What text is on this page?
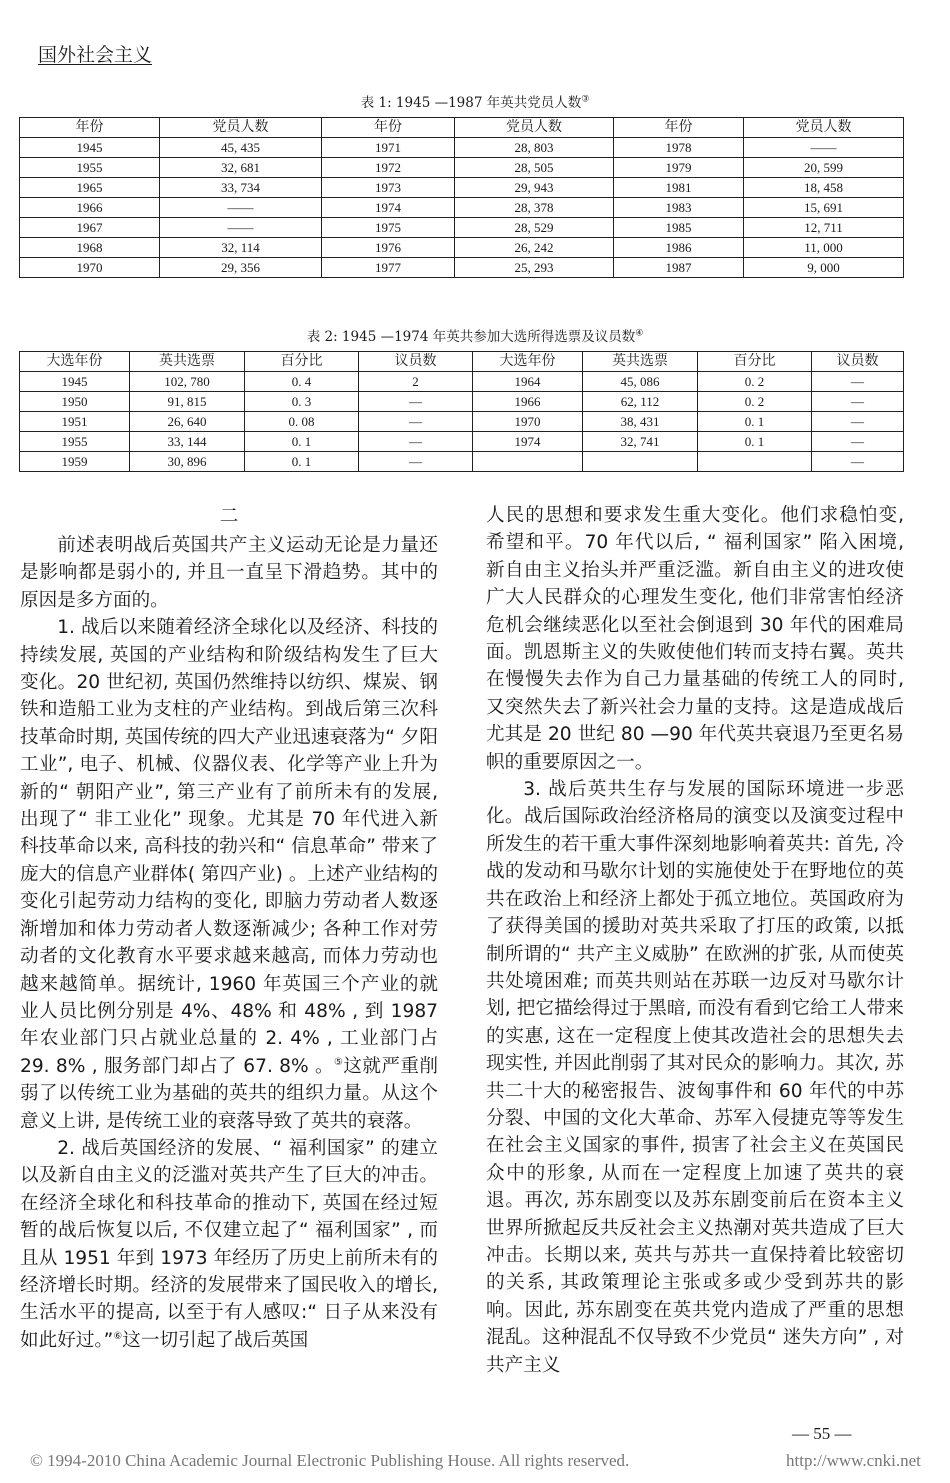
国外社会主义
表 1: 1945 —1987 年英共党员人数③
年份	党员人数	年份	党员人数	年份	党员人数
1945	45, 435	1971	28, 803	1978	——
1955	32, 681	1972	28, 505	1979	20, 599
1965	33, 734	1973	29, 943	1981	18, 458
1966	——	1974	28, 378	1983	15, 691
1967	——	1975	28, 529	1985	12, 711
1968	32, 114	1976	26, 242	1986	11, 000
1970	29, 356	1977	25, 293	1987	9, 000
表 2: 1945 —1974 年英共参加大选所得选票及议员数④
大选年份	英共选票	百分比	议员数	大选年份	英共选票	百分比	议员数
1945	102, 780	0. 4	2	1964	45, 086	0. 2	—
1950	91, 815	0. 3	—	1966	62, 112	0. 2	—
1951	26, 640	0. 08	—	1970	38, 431	0. 1	—
1955	33, 144	0. 1	—	1974	32, 741	0. 1	—
1959	30, 896	0. 1	—				—
二

前述表明战后英国共产主义运动无论是力量还是影响都是弱小的, 并且一直呈下滑趋势。其中的原因是多方面的。

1. 战后以来随着经济全球化以及经济、科技的持续发展, 英国的产业结构和阶级结构发生了巨大变化。20 世纪初, 英国仍然维持以纺织、煤炭、钢铁和造船工业为支柱的产业结构。到战后第三次科技革命时期, 英国传统的四大产业迅速衰落为“ 夕阳工业”, 电子、机械、仪器仪表、化学等产业上升为新的“ 朝阳产业”, 第三产业有了前所未有的发展, 出现了“ 非工业化” 现象。尤其是 70 年代进入新科技革命以来, 高科技的勃兴和“ 信息革命” 带来了庞大的信息产业群体( 第四产业) 。上述产业结构的变化引起劳动力结构的变化, 即脑力劳动者人数逐渐增加和体力劳动者人数逐渐减少; 各种工作对劳动者的文化教育水平要求越来越高, 而体力劳动也越来越简单。据统计, 1960 年英国三个产业的就业人员比例分别是 4%、48% 和 48% , 到 1987 年农业部门只占就业总量的 2. 4% , 工业部门占 29. 8% , 服务部门却占了 67. 8% 。⑤这就严重削弱了以传统工业为基础的英共的组织力量。从这个意义上讲, 是传统工业的衰落导致了英共的衰落。

2. 战后英国经济的发展、“ 福利国家” 的建立以及新自由主义的泛滥对英共产生了巨大的冲击。在经济全球化和科技革命的推动下, 英国在经过短暂的战后恢复以后, 不仅建立起了“ 福利国家” , 而且从 1951 年到 1973 年经历了历史上前所未有的经济增长时期。经济的发展带来了国民收入的增长, 生活水平的提高, 以至于有人感叹:“ 日子从来没有如此好过。”⑥这一切引起了战后英国

人民的思想和要求发生重大变化。他们求稳怕变, 希望和平。70 年代以后, “ 福利国家” 陷入困境, 新自由主义抬头并严重泛滥。新自由主义的进攻使广大人民群众的心理发生变化, 他们非常害怕经济危机会继续恶化以至社会倒退到 30 年代的困难局面。凯恩斯主义的失败使他们转而支持右翼。英共在慢慢失去作为自己力量基础的传统工人的同时, 又突然失去了新兴社会力量的支持。这是造成战后尤其是 20 世纪 80 —90 年代英共衰退乃至更名易帜的重要原因之一。

3. 战后英共生存与发展的国际环境进一步恶化。战后国际政治经济格局的演变以及演变过程中所发生的若干重大事件深刻地影响着英共: 首先, 冷战的发动和马歇尔计划的实施使处于在野地位的英共在政治上和经济上都处于孤立地位。英国政府为了获得美国的援助对英共采取了打压的政策, 以抵制所谓的“ 共产主义威胁” 在欧洲的扩张, 从而使英共处境困难; 而英共则站在苏联一边反对马歇尔计划, 把它描绘得过于黑暗, 而没有看到它给工人带来的实惠, 这在一定程度上使其改造社会的思想失去现实性, 并因此削弱了其对民众的影响力。其次, 苏共二十大的秘密报告、波匈事件和 60 年代的中苏分裂、中国的文化大革命、苏军入侵捷克等等发生在社会主义国家的事件, 损害了社会主义在英国民众中的形象, 从而在一定程度上加速了英共的衰退。再次, 苏东剧变以及苏东剧变前后在资本主义世界所掀起反共反社会主义热潮对英共造成了巨大冲击。长期以来, 英共与苏共一直保持着比较密切的关系, 其政策理论主张或多或少受到苏共的影响。因此, 苏东剧变在英共党内造成了严重的思想混乱。这种混乱不仅导致不少党员“ 迷失方向” , 对共产主义

— 55 —
© 1994-2010 China Academic Journal Electronic Publishing House. All rights reserved.	http://www.cnki.net
